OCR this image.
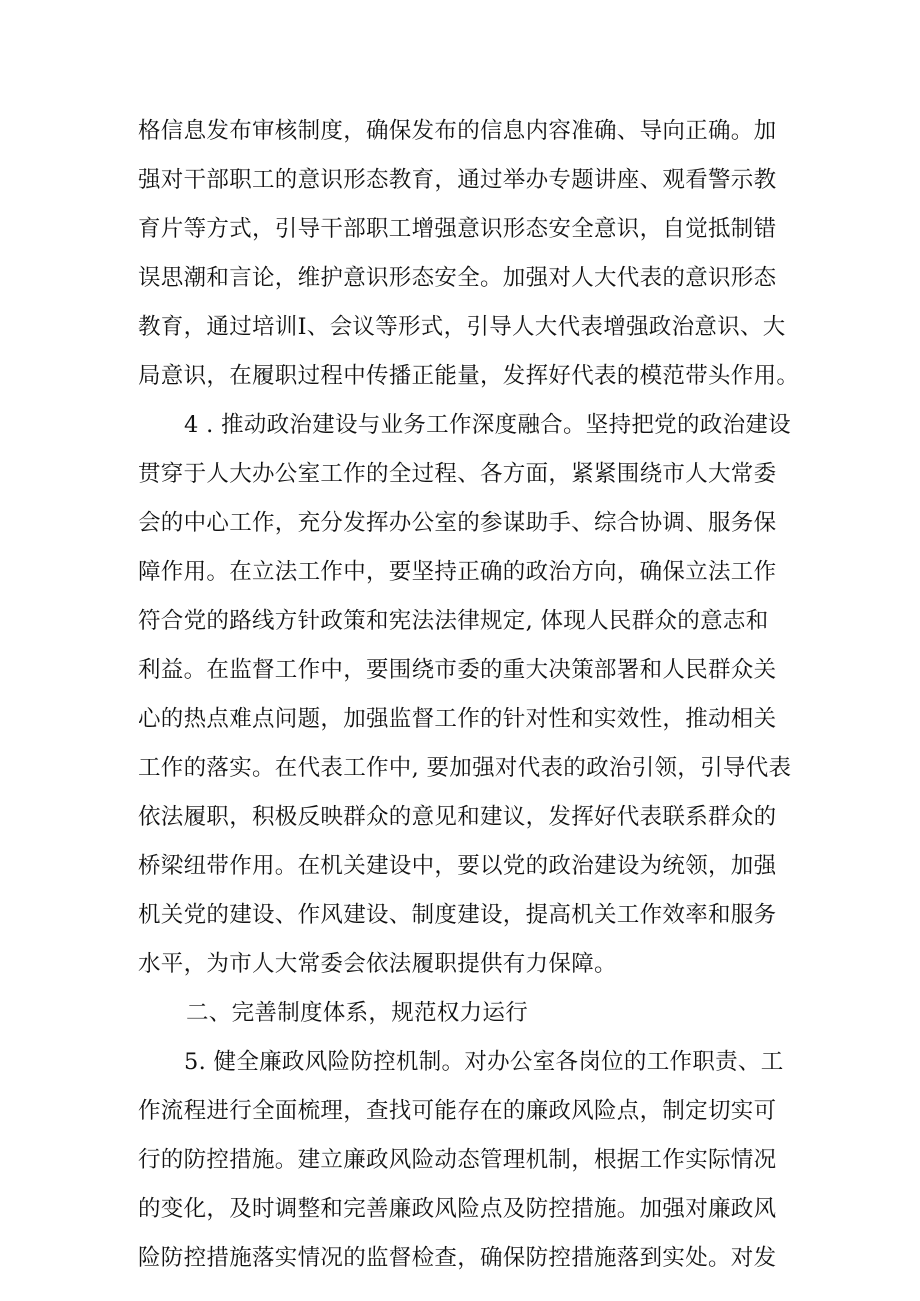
格信息发布审核制度，确保发布的信息内容准确、导向正确。加
强对干部职工的意识形态教育，通过举办专题讲座、观看警示教
育片等方式，引导干部职工增强意识形态安全意识，自觉抵制错
误思潮和言论，维护意识形态安全。加强对人大代表的意识形态
教育，通过培训I、会议等形式，引导人大代表增强政治意识、大
局意识，在履职过程中传播正能量，发挥好代表的模范带头作用。
4 . 推动政治建设与业务工作深度融合。坚持把党的政治建设
贯穿于人大办公室工作的全过程、各方面，紧紧围绕市人大常委
会的中心工作，充分发挥办公室的参谋助手、综合协调、服务保
障作用。在立法工作中，要坚持正确的政治方向，确保立法工作
符合党的路线方针政策和宪法法律规定, 体现人民群众的意志和
利益。在监督工作中，要围绕市委的重大决策部署和人民群众关
心的热点难点问题，加强监督工作的针对性和实效性，推动相关
工作的落实。在代表工作中, 要加强对代表的政治引领，引导代表
依法履职，积极反映群众的意见和建议，发挥好代表联系群众的
桥梁纽带作用。在机关建设中，要以党的政治建设为统领，加强
机关党的建设、作风建设、制度建设，提高机关工作效率和服务
水平，为市人大常委会依法履职提供有力保障。
二、完善制度体系，规范权力运行
5. 健全廉政风险防控机制。对办公室各岗位的工作职责、工
作流程进行全面梳理，查找可能存在的廉政风险点，制定切实可
行的防控措施。建立廉政风险动态管理机制，根据工作实际情况
的变化，及时调整和完善廉政风险点及防控措施。加强对廉政风
险防控措施落实情况的监督检查，确保防控措施落到实处。对发
